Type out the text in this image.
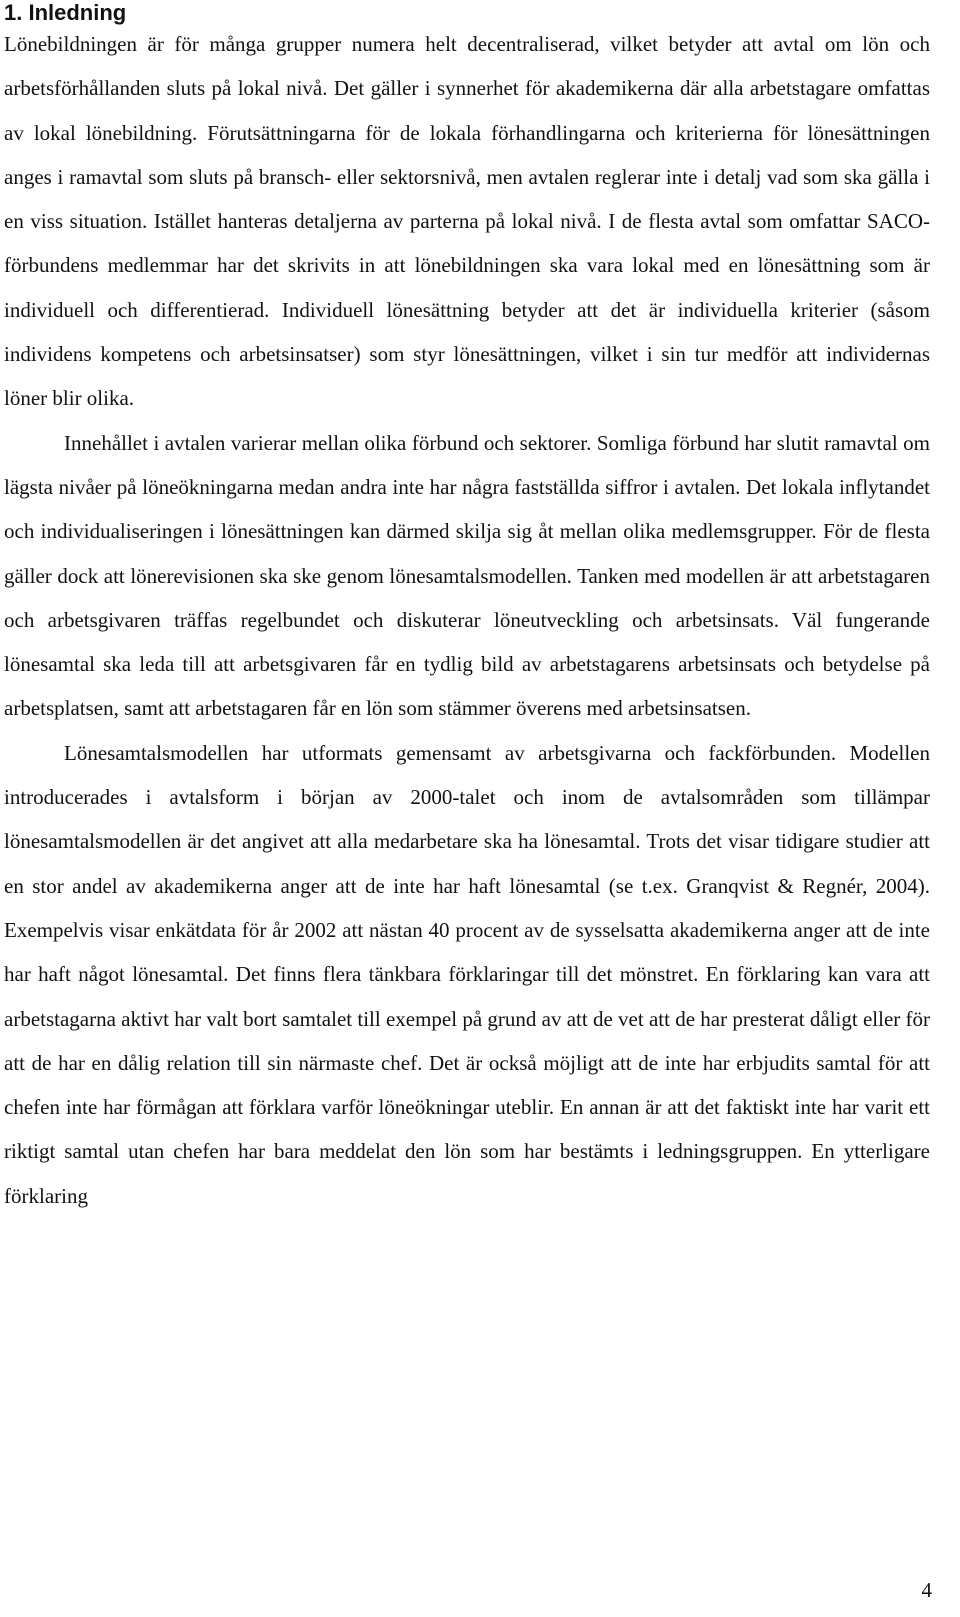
1. Inledning

Lönebildningen är för många grupper numera helt decentraliserad, vilket betyder att avtal om lön och arbetsförhållanden sluts på lokal nivå. Det gäller i synnerhet för akademikerna där alla arbetstagare omfattas av lokal lönebildning. Förutsättningarna för de lokala förhandlingarna och kriterierna för lönesättningen anges i ramavtal som sluts på bransch- eller sektorsnivå, men avtalen reglerar inte i detalj vad som ska gälla i en viss situation. Istället hanteras detaljerna av parterna på lokal nivå. I de flesta avtal som omfattar SACO-förbundens medlemmar har det skrivits in att lönebildningen ska vara lokal med en lönesättning som är individuell och differentierad. Individuell lönesättning betyder att det är individuella kriterier (såsom individens kompetens och arbetsinsatser) som styr lönesättningen, vilket i sin tur medför att individernas löner blir olika.

Innehållet i avtalen varierar mellan olika förbund och sektorer. Somliga förbund har slutit ramavtal om lägsta nivåer på löneökningarna medan andra inte har några fastställda siffror i avtalen. Det lokala inflytandet och individualiseringen i lönesättningen kan därmed skilja sig åt mellan olika medlemsgrupper. För de flesta gäller dock att lönerevisionen ska ske genom lönesamtalsmodellen. Tanken med modellen är att arbetstagaren och arbetsgivaren träffas regelbundet och diskuterar löneutveckling och arbetsinsats. Väl fungerande lönesamtal ska leda till att arbetsgivaren får en tydlig bild av arbetstagarens arbetsinsats och betydelse på arbetsplatsen, samt att arbetstagaren får en lön som stämmer överens med arbetsinsatsen.

Lönesamtalsmodellen har utformats gemensamt av arbetsgivarna och fackförbunden. Modellen introducerades i avtalsform i början av 2000-talet och inom de avtalsområden som tillämpar lönesamtalsmodellen är det angivet att alla medarbetare ska ha lönesamtal. Trots det visar tidigare studier att en stor andel av akademikerna anger att de inte har haft lönesamtal (se t.ex. Granqvist & Regnér, 2004). Exempelvis visar enkätdata för år 2002 att nästan 40 procent av de sysselsatta akademikerna anger att de inte har haft något lönesamtal. Det finns flera tänkbara förklaringar till det mönstret. En förklaring kan vara att arbetstagarna aktivt har valt bort samtalet till exempel på grund av att de vet att de har presterat dåligt eller för att de har en dålig relation till sin närmaste chef. Det är också möjligt att de inte har erbjudits samtal för att chefen inte har förmågan att förklara varför löneökningar uteblir. En annan är att det faktiskt inte har varit ett riktigt samtal utan chefen har bara meddelat den lön som har bestämts i ledningsgruppen. En ytterligare förklaring

4
